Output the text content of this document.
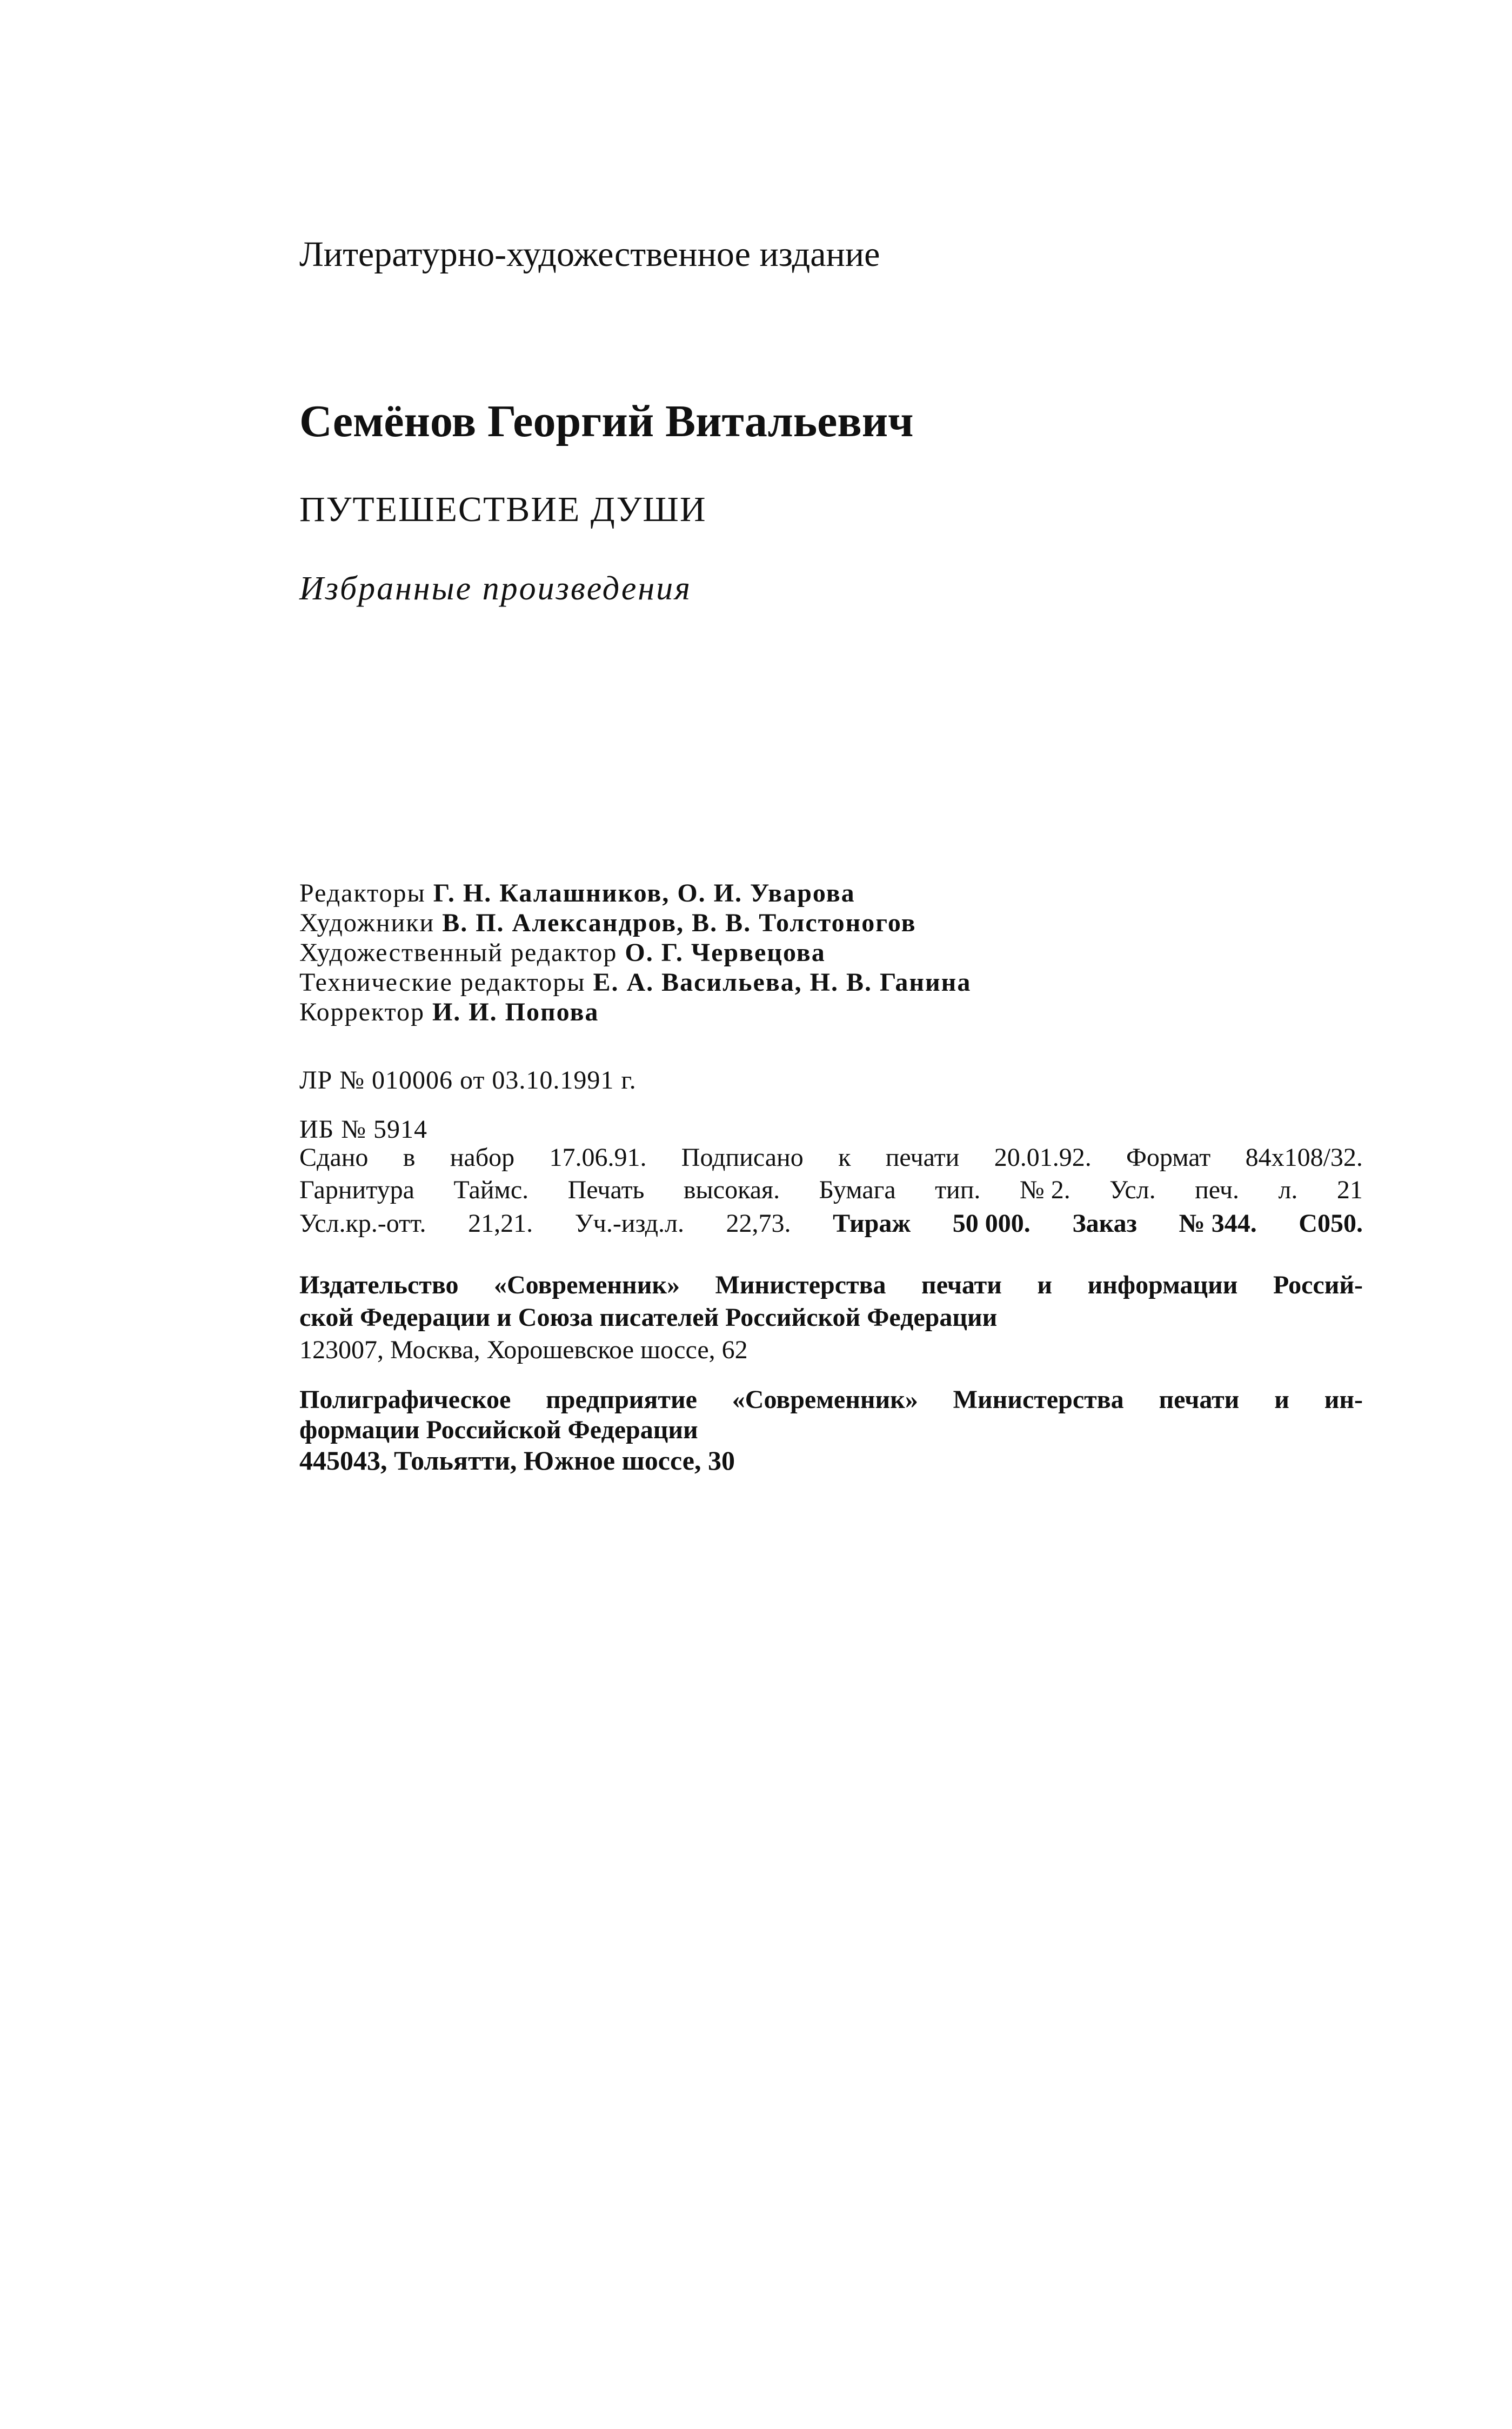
Литературно-художественное издание
Семёнов Георгий Витальевич
ПУТЕШЕСТВИЕ ДУШИ
Избранные произведения
Редакторы Г. Н. Калашников, О. И. Уварова
Художники В. П. Александров, В. В. Толстоногов
Художественный редактор О. Г. Червецова
Технические редакторы Е. А. Васильева, Н. В. Ганина
Корректор И. И. Попова
ЛР № 010006 от 03.10.1991 г.
ИБ № 5914
Сдано в набор 17.06.91. Подписано к печати 20.01.92. Формат 84x108/32.
Гарнитура Таймс. Печать высокая. Бумага тип. № 2. Усл. печ. л. 21
Усл.кр.-отт. 21,21. Уч.-изд.л. 22,73. Тираж 50 000. Заказ № 344. С050.
Издательство «Современник» Министерства печати и информации Россий-
ской Федерации и Союза писателей Российской Федерации
123007, Москва, Хорошевское шоссе, 62
Полиграфическое предприятие «Современник» Министерства печати и ин-
формации Российской Федерации
445043, Тольятти, Южное шоссе, 30
